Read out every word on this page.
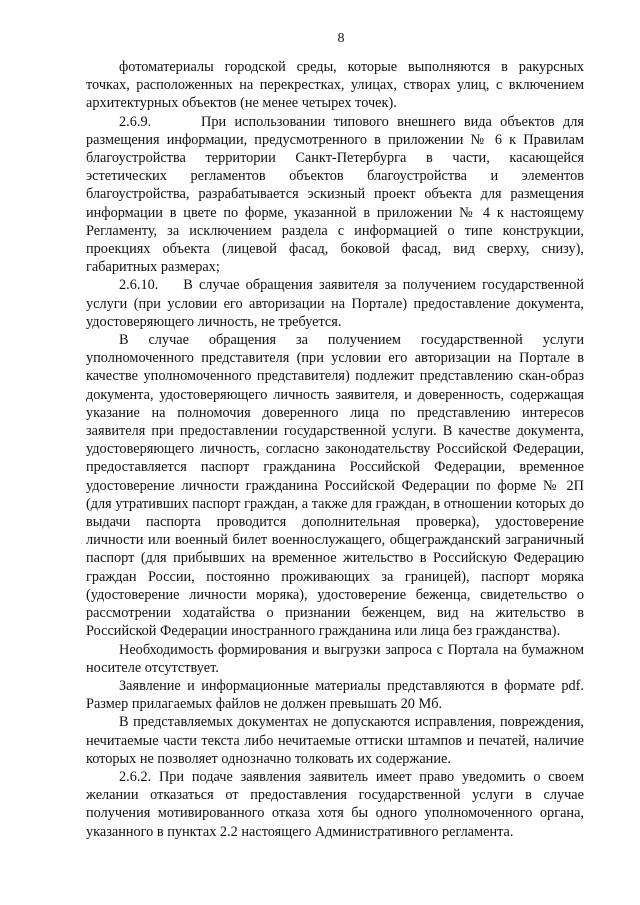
8

фотоматериалы городской среды, которые выполняются в ракурсных точках, расположенных на перекрестках, улицах, створах улиц, с включением архитектурных объектов (не менее четырех точек).

2.6.9.      При использовании типового внешнего вида объектов для размещения информации, предусмотренного в приложении № 6 к Правилам благоустройства территории Санкт-Петербурга в части, касающейся эстетических регламентов объектов благоустройства и элементов благоустройства, разрабатывается эскизный проект объекта для размещения информации в цвете по форме, указанной в приложении № 4 к настоящему Регламенту, за исключением раздела с информацией о типе конструкции, проекциях объекта (лицевой фасад, боковой фасад, вид сверху, снизу), габаритных размерах;

2.6.10.    В случае обращения заявителя за получением государственной услуги (при условии его авторизации на Портале) предоставление документа, удостоверяющего личность, не требуется.

В случае обращения за получением государственной услуги уполномоченного представителя (при условии его авторизации на Портале в качестве уполномоченного представителя) подлежит представлению скан-образ документа, удостоверяющего личность заявителя, и доверенность, содержащая указание на полномочия доверенного лица по представлению интересов заявителя при предоставлении государственной услуги. В качестве документа, удостоверяющего личность, согласно законодательству Российской Федерации, предоставляется паспорт гражданина Российской Федерации, временное удостоверение личности гражданина Российской Федерации по форме № 2П (для утративших паспорт граждан, а также для граждан, в отношении которых до выдачи паспорта проводится дополнительная проверка), удостоверение личности или военный билет военнослужащего, общегражданский заграничный паспорт (для прибывших на временное жительство в Российскую Федерацию граждан России, постоянно проживающих за границей), паспорт моряка (удостоверение личности моряка), удостоверение беженца, свидетельство о рассмотрении ходатайства о признании беженцем, вид на жительство в Российской Федерации иностранного гражданина или лица без гражданства).

Необходимость формирования и выгрузки запроса с Портала на бумажном носителе отсутствует.

Заявление и информационные материалы представляются в формате pdf. Размер прилагаемых файлов не должен превышать 20 Мб.

В представляемых документах не допускаются исправления, повреждения, нечитаемые части текста либо нечитаемые оттиски штампов и печатей, наличие которых не позволяет однозначно толковать их содержание.

2.6.2. При подаче заявления заявитель имеет право уведомить о своем желании отказаться от предоставления государственной услуги в случае получения мотивированного отказа хотя бы одного уполномоченного органа, указанного в пунктах 2.2 настоящего Административного регламента.
